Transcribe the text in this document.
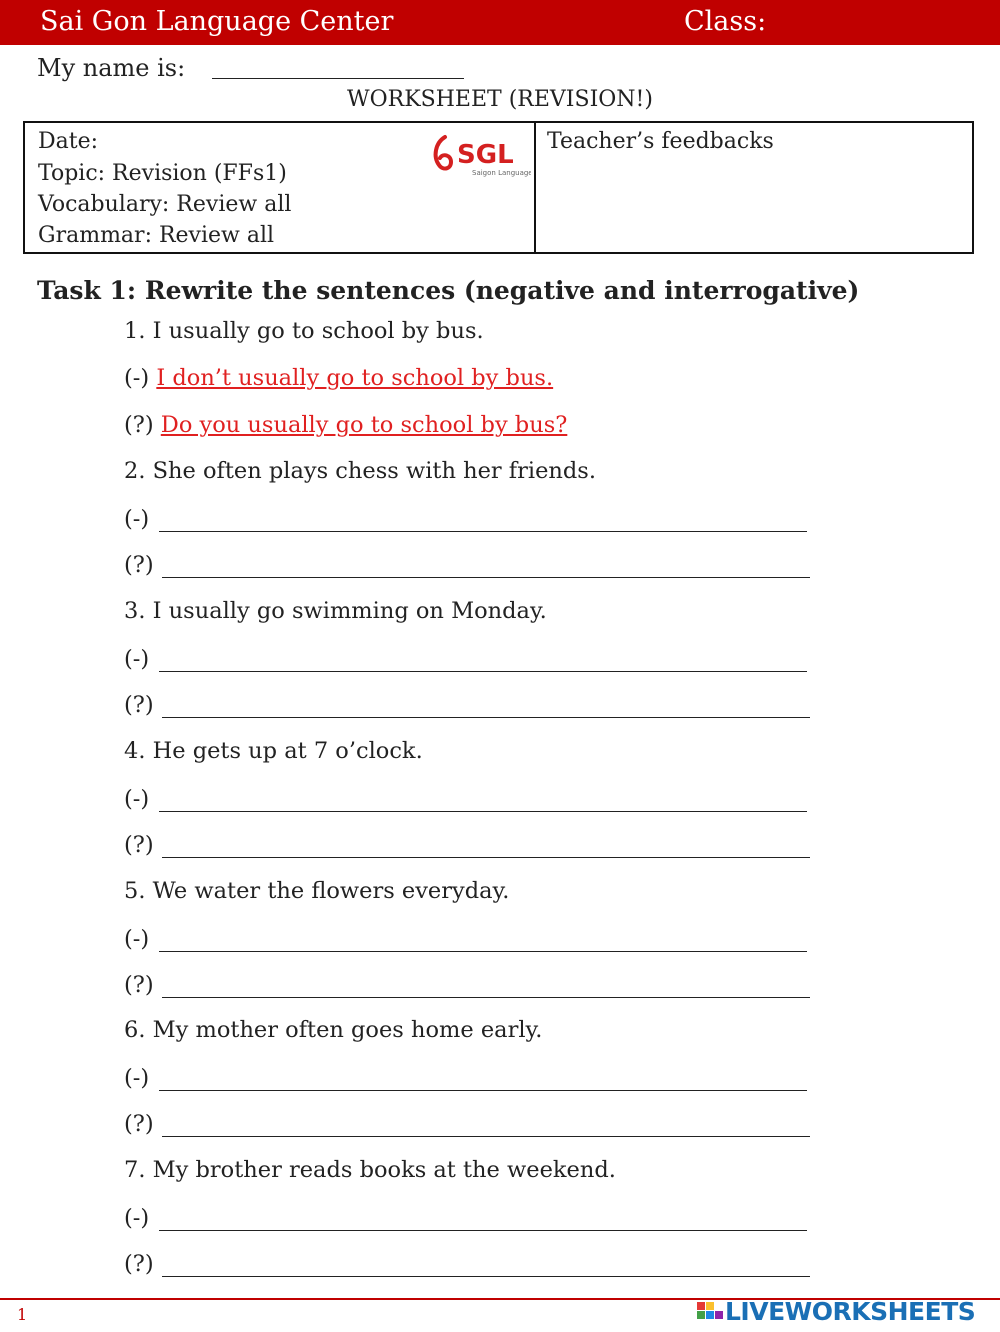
Sai Gon Language Center	Class:
My name is:
WORKSHEET (REVISION!)
Date:
Topic: Revision (FFs1)
Vocabulary: Review all
Grammar: Review all
SGL
Saigon Language
Teacher’s feedbacks
Task 1: Rewrite the sentences (negative and interrogative)
1. I usually go to school by bus.
(-) I don’t usually go to school by bus.
(?) Do you usually go to school by bus?
2. She often plays chess with her friends.
(-)
(?)
3. I usually go swimming on Monday.
(-)
(?)
4. He gets up at 7 o’clock.
(-)
(?)
5. We water the flowers everyday.
(-)
(?)
6. My mother often goes home early.
(-)
(?)
7. My brother reads books at the weekend.
(-)
(?)
1	LIVEWORKSHEETS
